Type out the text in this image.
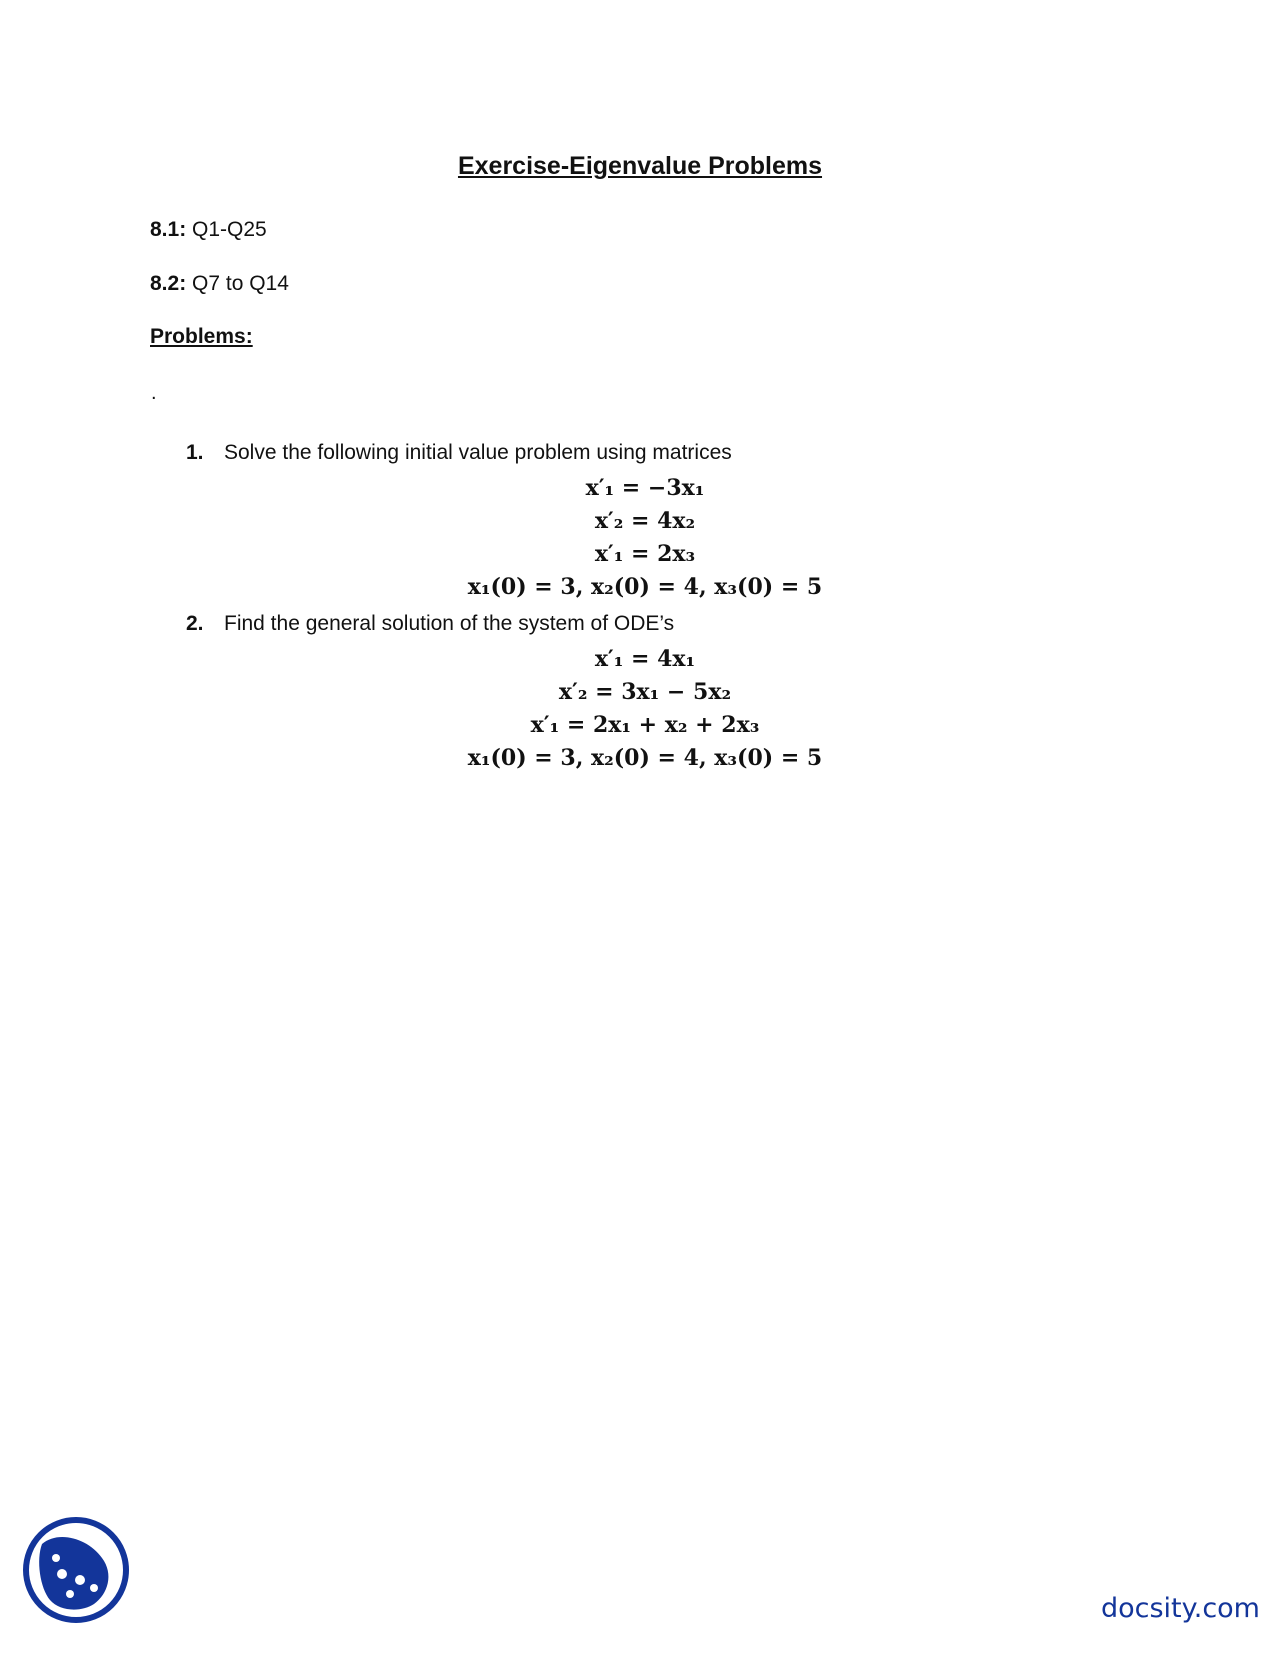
Exercise-Eigenvalue Problems
8.1: Q1-Q25
8.2: Q7 to Q14
Problems:
.
1. Solve the following initial value problem using matrices
x′₁ = −3x₁
x′₂ = 4x₂
x′₁ = 2x₃
x₁(0) = 3, x₂(0) = 4, x₃(0) = 5
2. Find the general solution of the system of ODE’s
x′₁ = 4x₁
x′₂ = 3x₁ − 5x₂
x′₁ = 2x₁ + x₂ + 2x₃
x₁(0) = 3, x₂(0) = 4, x₃(0) = 5
docsity.com
